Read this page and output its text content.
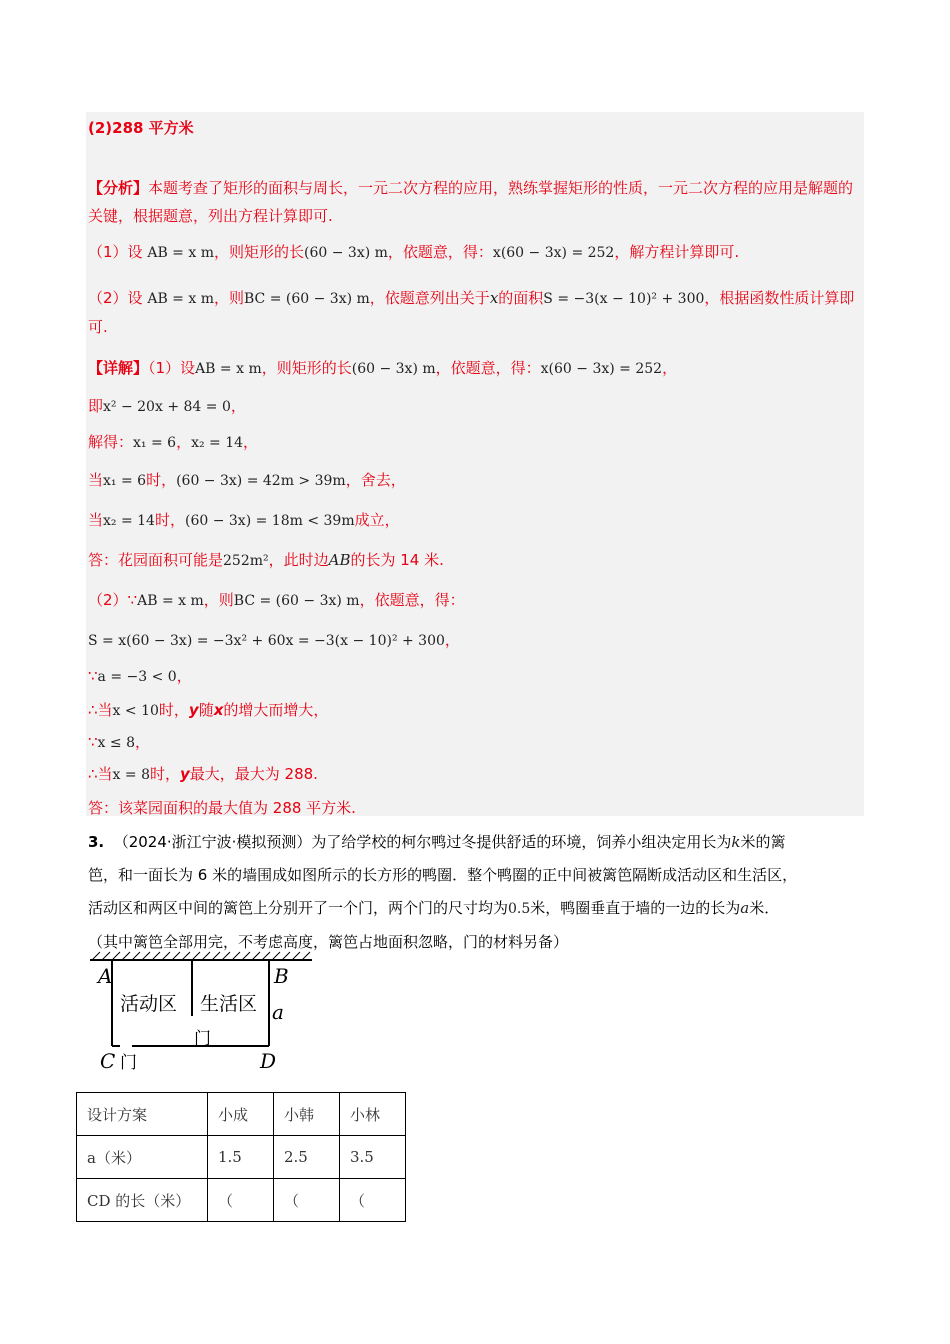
(2)288 平方米
【分析】本题考查了矩形的面积与周长，一元二次方程的应用，熟练掌握矩形的性质，一元二次方程的应用是解题的关键，根据题意，列出方程计算即可.
（1）设 AB = x m，则矩形的长(60 − 3x) m，依题意，得：x(60 − 3x) = 252，解方程计算即可.
（2）设 AB = x m，则BC = (60 − 3x) m，依题意列出关于x的面积S = −3(x − 10)² + 300，根据函数性质计算即可.
【详解】（1）设AB = x m，则矩形的长(60 − 3x) m，依题意，得：x(60 − 3x) = 252，
即x² − 20x + 84 = 0，
解得：x₁ = 6，x₂ = 14，
当x₁ = 6时，(60 − 3x) = 42m > 39m，舍去，
当x₂ = 14时，(60 − 3x) = 18m < 39m成立，
答：花园面积可能是252m²，此时边AB的长为 14 米.
（2）∵AB = x m，则BC = (60 − 3x) m，依题意，得：
S = x(60 − 3x) = −3x² + 60x = −3(x − 10)² + 300，
∵a = −3 < 0，
∴当x < 10时，y随x的增大而增大，
∵x ≤ 8，
∴当x = 8时，y最大，最大为 288.
答：该菜园面积的最大值为 288 平方米.
3. （2024·浙江宁波·模拟预测）为了给学校的柯尔鸭过冬提供舒适的环境，饲养小组决定用长为k米的篱
笆，和一面长为 6 米的墙围成如图所示的长方形的鸭圈．整个鸭圈的正中间被篱笆隔断成活动区和生活区，
活动区和两区中间的篱笆上分别开了一个门，两个门的尺寸均为0.5米，鸭圈垂直于墙的一边的长为a米．
（其中篱笆全部用完，不考虑高度，篱笆占地面积忽略，门的材料另备）
A	B
a
C	D
活动区 生活区
门
门
设计方案	小成	小韩	小林
a（米）	1.5	2.5	3.5
CD 的长（米）	（	（	（
